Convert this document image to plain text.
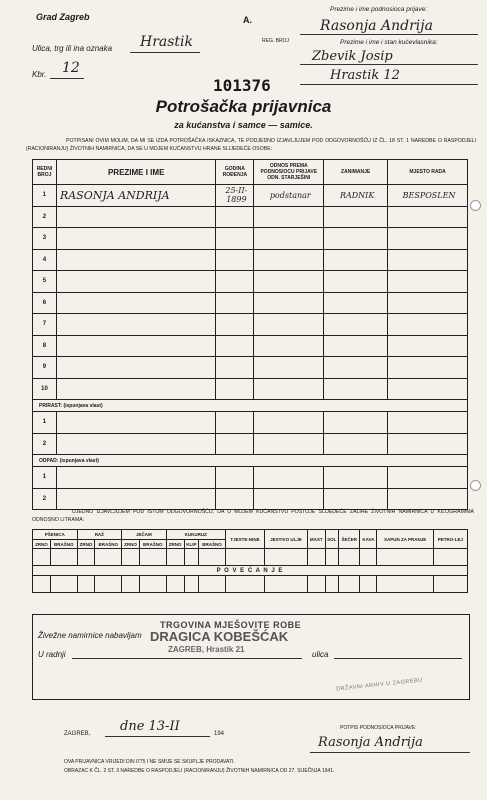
Grad Zagreb	A.
Prezime i ime podnosioca prijave:
Rasonja Andrija
REG. BROJ	Prezime i ime i stan kućevlasnika:
Zbevik Josip
Hrastik 12
Ulica, trg ili ina oznaka Hrastik
Kbr. 12
101376
Potrošačka prijavnica
za kućanstva i samce — samice.
POTPISANI OVIM MOLIM, DA MI SE IZDA POTROŠAČKA ISKAZNICA, TE PODJEDNO IZJAVLJUJEM POD ODGOVORNOŠĆU IZ ČL. 18 ST. 1 NAREDBE O RASPODJELI (RACIONIRANJU) ŽIVOTNIH NAMIRNICA, DA SE U MOJEM KUĆANSTVU HRANE SLIJEDEĆE OSOBE:
REDNI BROJ	PREZIME I IME	GODINA ROĐENJA	ODNOS PREMA PODNOSIOCU PRIJAVE ODN. STARJEŠINI	ZANIMANJE	MJESTO RADA
1	RASONJA ANDRIJA	25-II-1899	podstanar	RADNIK	BESPOSLEN
2					
3					
4					
5					
6					
7					
8					
9					
10					
PRIRAST: (ispunjava vlast)					
1					
2					
ODPAD: (ispunjava vlast)					
1					
2					
UJEDNO IZJAVLJUJEM POD ISTOM ODGOVORNOŠĆU, DA U MOJEM KUĆANSTVU POSTOJE SLIJEDEĆE ZALIHE ŽIVOTNIH NAMIRNICA U KILOGRAMIMA ODNOSNO LITRAMA:
PŠENICA		RAŽ		JEČAM		KUKURUZ			TJESTE-NINE	JESTIVO ULJE	MAST	SOL	ŠEĆER	KAVA	SAPUN ZA PRANJE	PETRO-LEJ
ZRNO	BRAŠNO	ZRNO	BRAŠNO	ZRNO	BRAŠNO	ZRNO	KLIP	BRAŠNO								

P O V E Ć A N J E																

TRGOVINA MJEŠOVITE ROBE
Živežne namirnice nabavljam DRAGICA KOBEŠĆAK
U radnji
ZAGREB, Hrastik 21
ulica
DRŽAVNI ARHIV U ZAGREBU
ZAGREB, dne 13-II	194
POTPIS PODNOSIOCA PRIJAVE:
Rasonja Andrija
OVA PRIJAVNICA VRIJEDI DIN 0'75 I NE SMIJE SE SKUPLJE PRODAVATI.
OBRAZAC K ČL. 2 ST. 3 NAREDBE O RASPODJELI (RACIONIRANJU) ŽIVOTNIH NAMIRNICA OD 27. SIJEČNJA 1941.
